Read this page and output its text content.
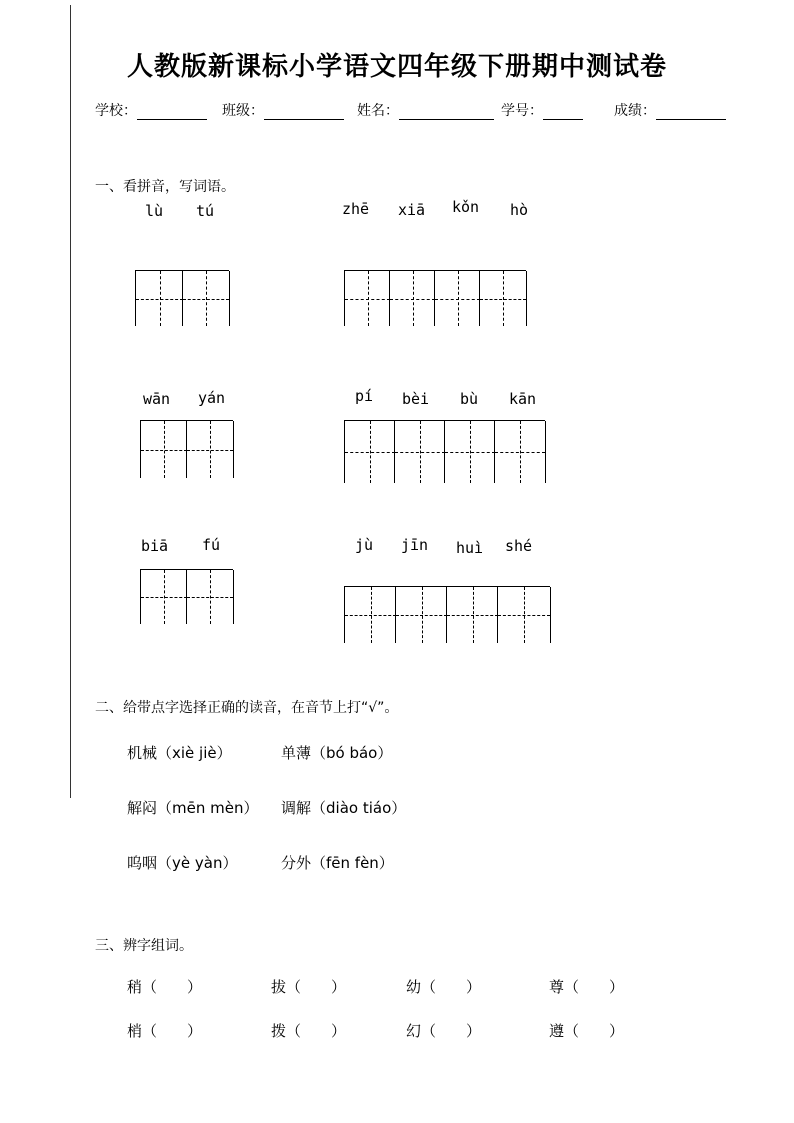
人教版新课标小学语文四年级下册期中测试卷
学校：	班级：	姓名：	学号：	成绩：
一、看拼音，写词语。
lù tú	zhē xiā kǒn hò
wān yán	pí bèi bù kān
biā fú	jù jīn huì shé
二、给带点字选择正确的读音，在音节上打“√”。
机械（xiè jiè）	单薄（bó báo）
解闷（mēn mèn） 调解（diào tiáo）
呜咽（yè yàn）	分外（fēn fèn）
三、辨字组词。
稍（　　）	拔（　　）	幼（　　）	尊（　　）
梢（　　）	拨（　　）	幻（　　）	遵（　　）
